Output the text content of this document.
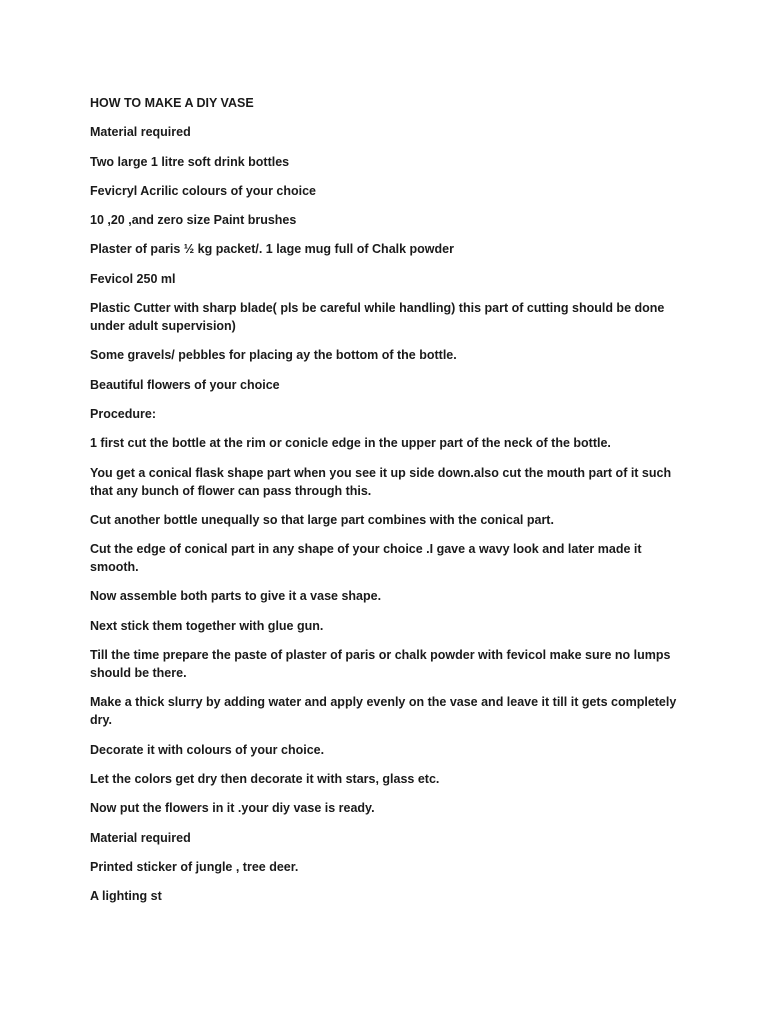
HOW TO MAKE A DIY VASE

Material required

Two large 1 litre soft drink bottles

Fevicryl Acrilic colours of your choice

10 ,20 ,and zero size Paint brushes

Plaster of paris ½ kg packet/. 1 lage mug full of Chalk powder

Fevicol 250 ml

Plastic Cutter with sharp blade( pls be careful while handling) this part of cutting should be done under adult supervision)

Some gravels/ pebbles for placing ay the bottom of the bottle.

Beautiful flowers of your choice

Procedure:

1 first cut the bottle at the rim or conicle edge in the upper part of the neck of the bottle.

You get a conical flask shape part when you see it up side down.also cut the mouth part of it such that any bunch of flower can pass through this.

Cut another bottle unequally so that large part combines with the conical part.

Cut the edge of conical part in any shape of your choice .I gave a wavy look and later made it smooth.

Now assemble both parts to give it a vase shape.

Next stick them together with glue gun.

Till the time prepare the paste of plaster of paris or chalk powder with fevicol make sure no lumps should be there.

Make a thick slurry by adding water and apply evenly on the vase and leave it till it gets completely dry.

Decorate it with colours of your choice.

Let the colors get dry then decorate it with stars, glass etc.

Now put the flowers in it .your diy vase is ready.

Material required

Printed sticker of jungle , tree deer.

A lighting st
